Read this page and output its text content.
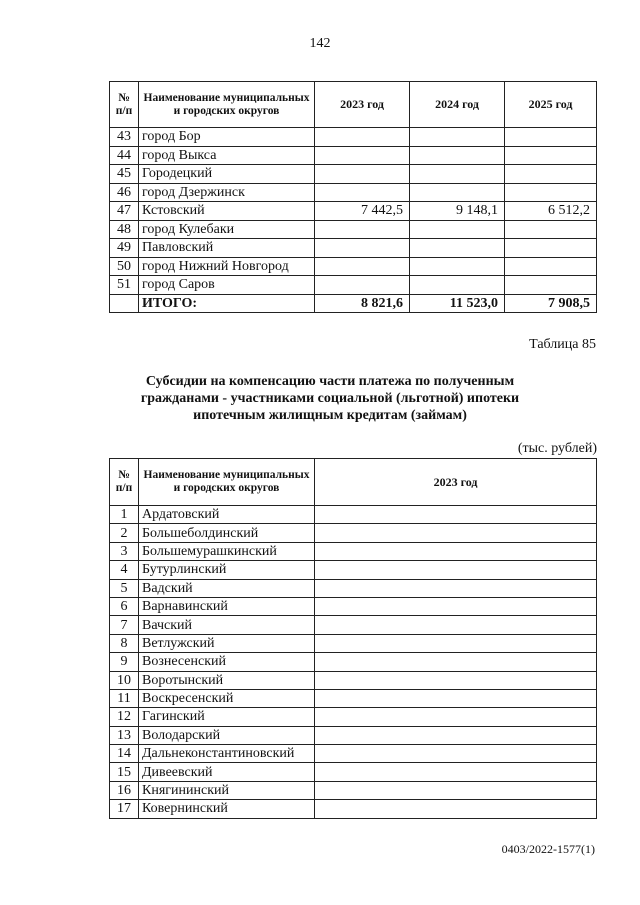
142
№ п/п	Наименование муниципальных и городских округов	2023 год	2024 год	2025 год
43	город Бор			
44	город Выкса			
45	Городецкий			
46	город Дзержинск			
47	Кстовский	7 442,5	9 148,1	6 512,2
48	город Кулебаки			
49	Павловский			
50	город Нижний Новгород			
51	город Саров			
	ИТОГО:	8 821,6	11 523,0	7 908,5
Таблица 85
Субсидии на компенсацию части платежа по полученным гражданами - участниками социальной (льготной) ипотеки ипотечным жилищным кредитам (займам)
(тыс. рублей)
№ п/п	Наименование муниципальных и городских округов	2023 год
1	Ардатовский	
2	Большеболдинский	
3	Большемурашкинский	
4	Бутурлинский	
5	Вадский	
6	Варнавинский	
7	Вачский	
8	Ветлужский	
9	Вознесенский	
10	Воротынский	
11	Воскресенский	
12	Гагинский	
13	Володарский	
14	Дальнеконстантиновский	
15	Дивеевский	
16	Княгининский	
17	Ковернинский	
0403/2022-1577(1)
